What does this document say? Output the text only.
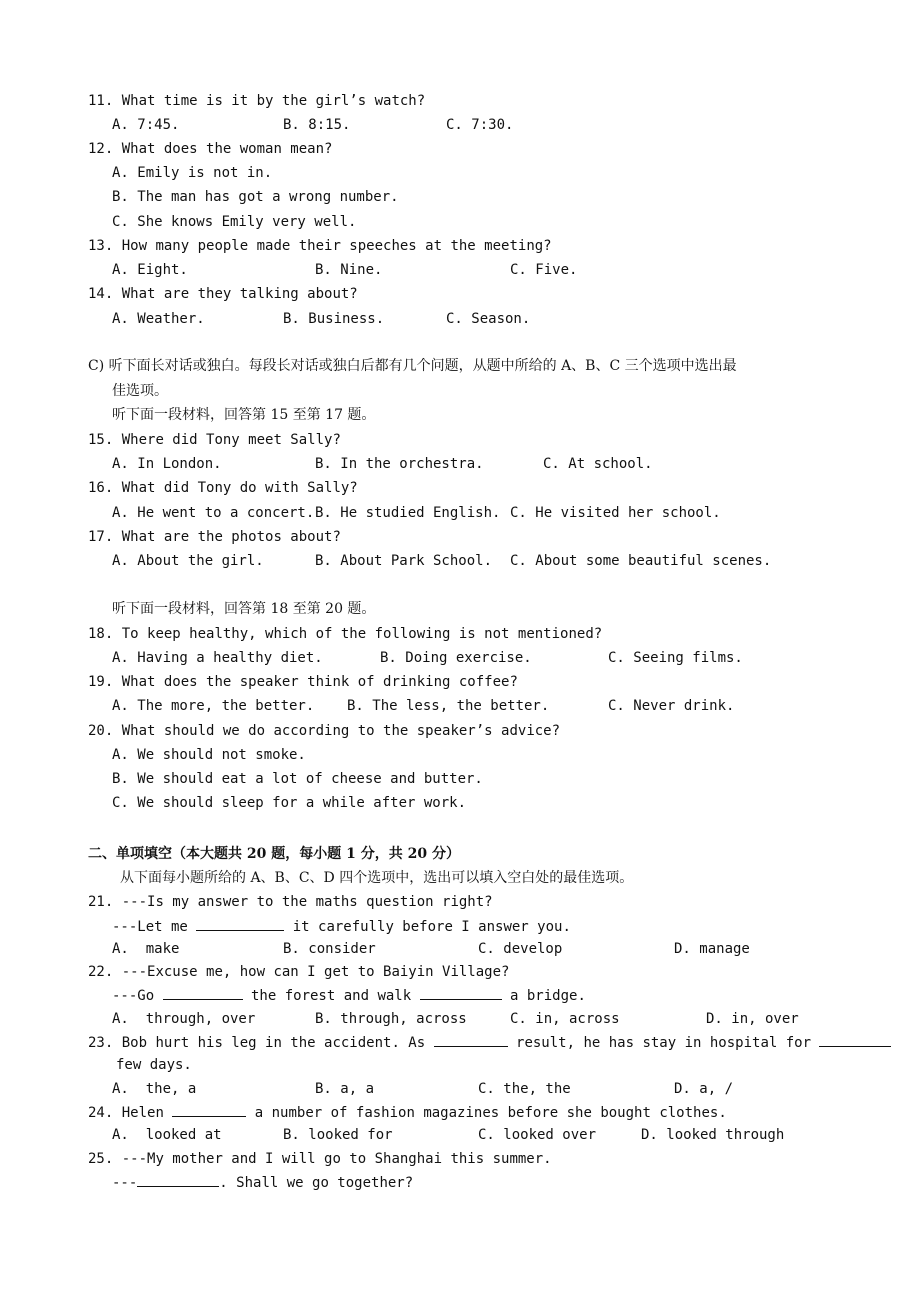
11. What time is it by the girl’s watch?
A. 7:45.	B. 8:15.	C. 7:30.
12. What does the woman mean?
A. Emily is not in.
B. The man has got a wrong number.
C. She knows Emily very well.
13. How many people made their speeches at the meeting?
A. Eight.	B. Nine.	C. Five.
14. What are they talking about?
A. Weather.	B. Business.	C. Season.
C) 听下面长对话或独白。每段长对话或独白后都有几个问题，从题中所给的 A、B、C 三个选项中选出最
佳选项。
听下面一段材料，回答第 15 至第 17 题。
15. Where did Tony meet Sally?
A. In London.	B. In the orchestra.	C. At school.
16. What did Tony do with Sally?
A. He went to a concert. B. He studied English. C. He visited her school.
17. What are the photos about?
A. About the girl.	B. About Park School. C. About some beautiful scenes.
听下面一段材料，回答第 18 至第 20 题。
18. To keep healthy, which of the following is not mentioned?
A. Having a healthy diet.	B. Doing exercise.	C. Seeing films.
19. What does the speaker think of drinking coffee?
A. The more, the better. B. The less, the better.	C. Never drink.
20. What should we do according to the speaker’s advice?
A. We should not smoke.
B. We should eat a lot of cheese and butter.
C. We should sleep for a while after work.
二、单项填空（本大题共 20 题，每小题 1 分，共 20 分）
从下面每小题所给的 A、B、C、D 四个选项中，选出可以填入空白处的最佳选项。
21. ---Is my answer to the maths question right?
---Let me	it carefully before I answer you.
A.  make	B. consider	C. develop	D. manage
22. ---Excuse me, how can I get to Baiyin Village?
---Go	the forest and walk	a bridge.
A.  through, over	B. through, across	C. in, across	D. in, over
23. Bob hurt his leg in the accident. As	result, he has stay in hospital for
few days.
A.  the, a	B. a, a	C. the, the	D. a, /
24. Helen	a number of fashion magazines before she bought clothes.
A.  looked at	B. looked for	C. looked over	D. looked through
25. ---My mother and I will go to Shanghai this summer.
---	. Shall we go together?
